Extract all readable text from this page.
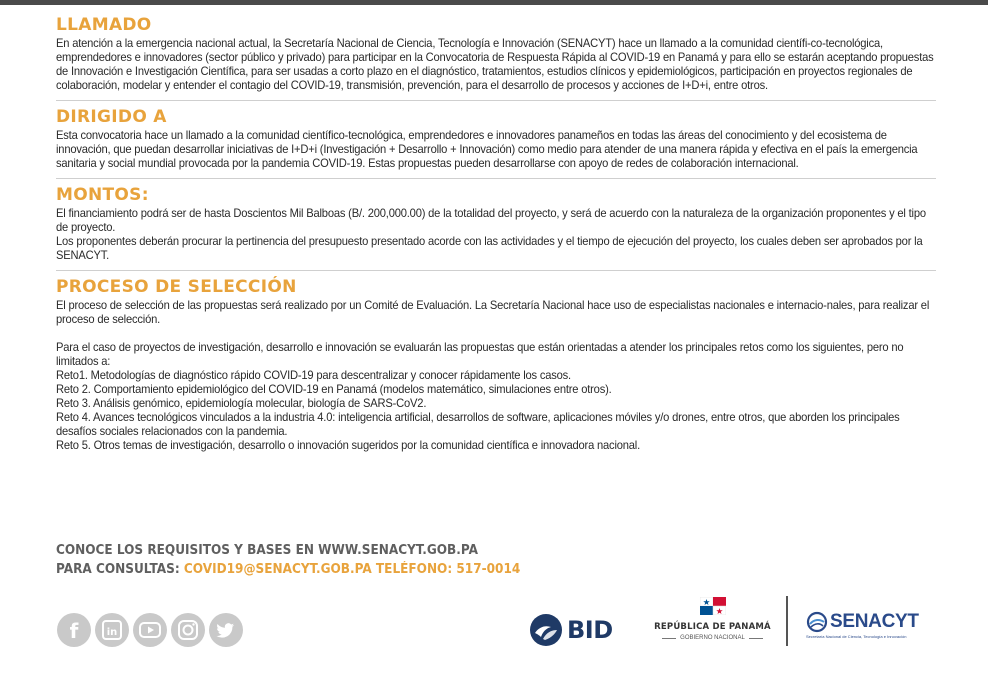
LLAMADO

En atención a la emergencia nacional actual, la Secretaría Nacional de Ciencia, Tecnología e Innovación (SENACYT) hace un llamado a la comunidad científi-co-tecnológica, emprendedores e innovadores (sector público y privado) para participar en la Convocatoria de Respuesta Rápida al COVID-19 en Panamá y para ello se estarán aceptando propuestas de Innovación e Investigación Científica, para ser usadas a corto plazo en el diagnóstico, tratamientos, estudios clínicos y epidemiológicos, participación en proyectos regionales de colaboración, modelar y entender el contagio del COVID-19, transmisión, prevención, para el desarrollo de procesos y acciones de I+D+i, entre otros.

DIRIGIDO A

Esta convocatoria hace un llamado a la comunidad científico-tecnológica, emprendedores e innovadores panameños en todas las áreas del conocimiento y del ecosistema de innovación, que puedan desarrollar iniciativas de I+D+i (Investigación + Desarrollo + Innovación) como medio para atender de una manera rápida y efectiva en el país la emergencia sanitaria y social mundial provocada por la pandemia COVID-19. Estas propuestas pueden desarrollarse con apoyo de redes de colaboración internacional.

MONTOS:

El financiamiento podrá ser de hasta Doscientos Mil Balboas (B/. 200,000.00) de la totalidad del proyecto, y será de acuerdo con la naturaleza de la organización proponentes y el tipo de proyecto.

Los proponentes deberán procurar la pertinencia del presupuesto presentado acorde con las actividades y el tiempo de ejecución del proyecto, los cuales deben ser aprobados por la SENACYT.

PROCESO DE SELECCIÓN

El proceso de selección de las propuestas será realizado por un Comité de Evaluación. La Secretaría Nacional hace uso de especialistas nacionales e internacio-nales, para realizar el proceso de selección.

Para el caso de proyectos de investigación, desarrollo e innovación se evaluarán las propuestas que están orientadas a atender los principales retos como los siguientes, pero no limitados a:

Reto1. Metodologías de diagnóstico rápido COVID-19 para descentralizar y conocer rápidamente los casos.

Reto 2. Comportamiento epidemiológico del COVID-19 en Panamá (modelos matemático, simulaciones entre otros).

Reto 3. Análisis genómico, epidemiología molecular, biología de SARS-CoV2.

Reto 4. Avances tecnológicos vinculados a la industria 4.0: inteligencia artificial, desarrollos de software, aplicaciones móviles y/o drones, entre otros, que aborden los principales desafíos sociales relacionados con la pandemia.

Reto 5. Otros temas de investigación, desarrollo o innovación sugeridos por la comunidad científica e innovadora nacional.

CONOCE LOS REQUISITOS Y BASES EN WWW.SENACYT.GOB.PA
PARA CONSULTAS: COVID19@SENACYT.GOB.PA TELÉFONO: 517-0014
f	in	BID	REPÚBLICA DE PANAMÁ
GOBIERNO NACIONAL
SENACYT
Secretaría Nacional de Ciencia, Tecnología e Innovación
